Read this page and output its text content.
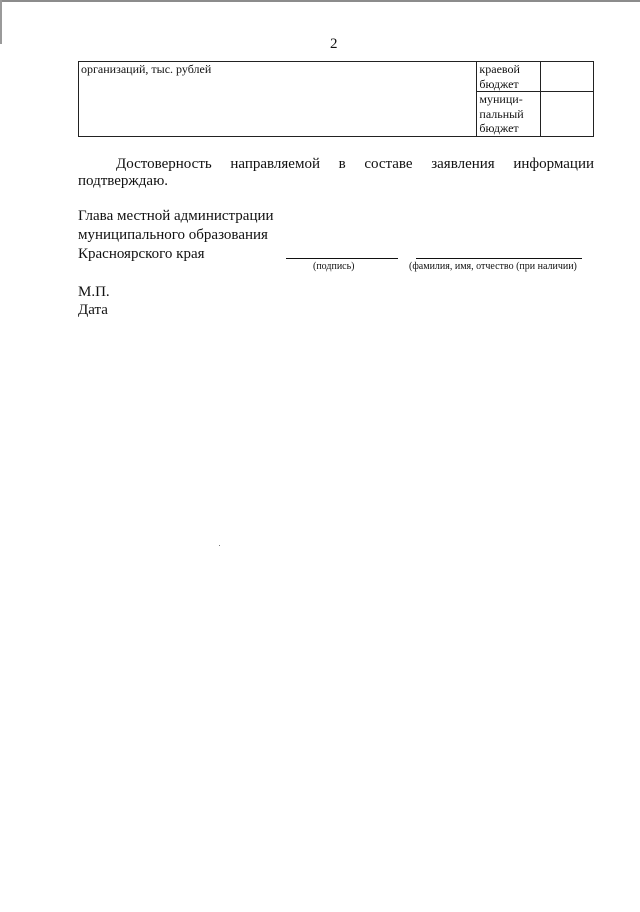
2
организаций, тыс. рублей	краевой
бюджет	
	муници-
пальный
бюджет	
Достоверность направляемой в составе заявления информации
подтверждаю.
Глава местной администрации
муниципального образования
Красноярского края
(подпись)	(фамилия, имя, отчество (при наличии)
М.П.
Дата
